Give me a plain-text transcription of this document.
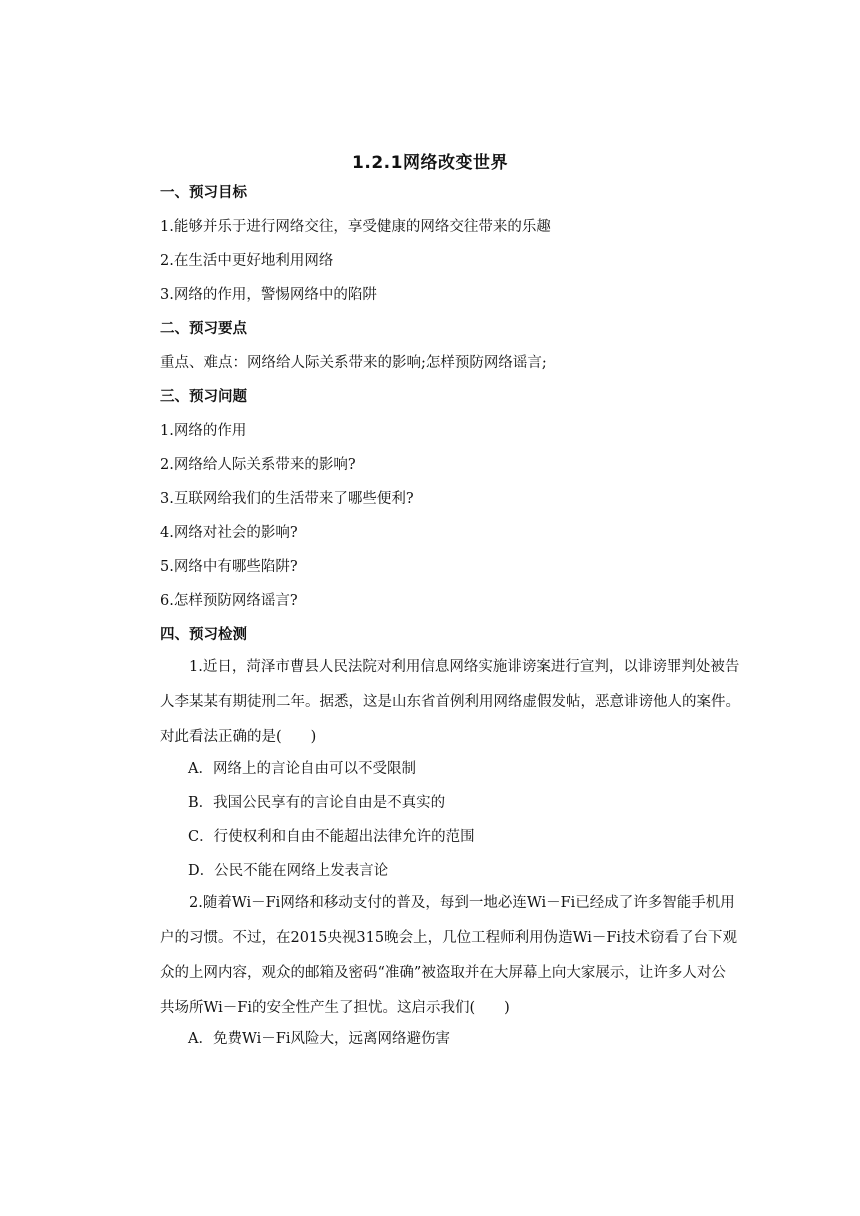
1.2.1网络改变世界
一、预习目标
1.能够并乐于进行网络交往，享受健康的网络交往带来的乐趣
2.在生活中更好地利用网络
3.网络的作用，警惕网络中的陷阱
二、预习要点
重点、难点：网络给人际关系带来的影响;怎样预防网络谣言;
三、预习问题
1.网络的作用
2.网络给人际关系带来的影响?
3.互联网给我们的生活带来了哪些便利?
4.网络对社会的影响?
5.网络中有哪些陷阱?
6.怎样预防网络谣言?
四、预习检测
1.近日，菏泽市曹县人民法院对利用信息网络实施诽谤案进行宣判，以诽谤罪判处被告人李某某有期徒刑二年。据悉，这是山东省首例利用网络虚假发帖，恶意诽谤他人的案件。对此看法正确的是(　　)
A．网络上的言论自由可以不受限制
B．我国公民享有的言论自由是不真实的
C．行使权利和自由不能超出法律允许的范围
D．公民不能在网络上发表言论
2.随着Wi－Fi网络和移动支付的普及，每到一地必连Wi－Fi已经成了许多智能手机用户的习惯。不过，在2015央视315晚会上，几位工程师利用伪造Wi－Fi技术窃看了台下观众的上网内容，观众的邮箱及密码“准确”被盗取并在大屏幕上向大家展示，让许多人对公共场所Wi－Fi的安全性产生了担忧。这启示我们(　　)
A．免费Wi－Fi风险大，远离网络避伤害
